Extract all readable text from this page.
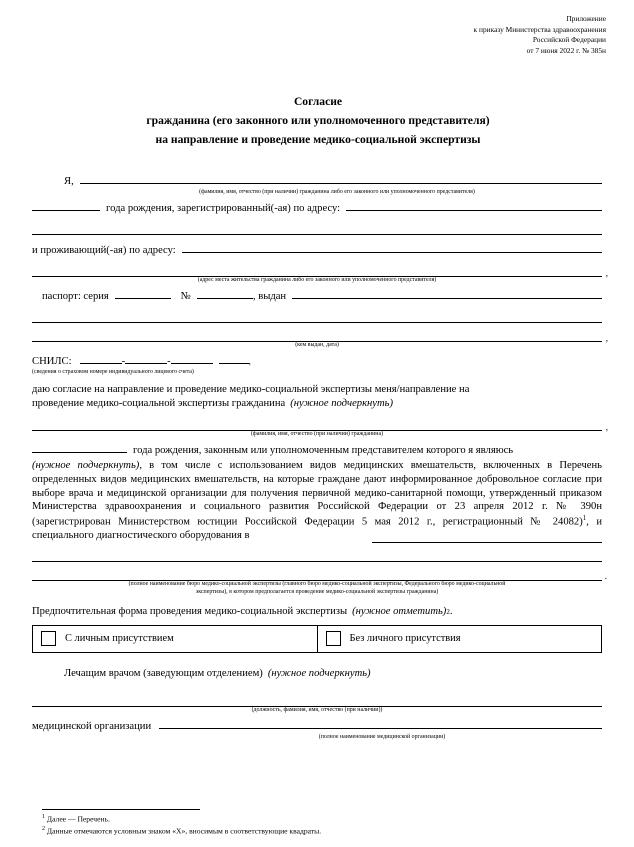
Приложение
к приказу Министерства здравоохранения
Российской Федерации
от 7 июня 2022 г. № 385н
Согласие
гражданина (его законного или уполномоченного представителя)
на направление и проведение медико-социальной экспертизы
Я,
(фамилия, имя, отчество (при наличии) гражданина либо его законного или уполномоченного представителя)
года рождения, зарегистрированный(-ая) по адресу:
и проживающий(-ая) по адресу:
,
(адрес места жительства гражданина либо его законного или уполномоченного представителя)
паспорт: серия	№	, выдан
,
(кем выдан, дата)
СНИЛС:	-	-	,
(сведения о страховом номере индивидуального лицевого счета)
даю согласие на направление и проведение медико-социальной экспертизы меня/направление на
проведение медико-социальной экспертизы гражданина (нужное подчеркнуть)
,
(фамилия, имя, отчество (при наличии) гражданина)
года рождения, законным или уполномоченным представителем которого я являюсь
(нужное подчеркнуть), в том числе с использованием видов медицинских вмешательств, включенных в Перечень определенных видов медицинских вмешательств, на которые граждане дают информированное добровольное согласие при выборе врача и медицинской организации для получения первичной медико-санитарной помощи, утвержденный приказом Министерства здравоохранения и социального развития Российской Федерации от 23 апреля 2012 г. № 390н (зарегистрирован Министерством юстиции Российской Федерации 5 мая 2012 г., регистрационный № 24082)$^1$, и специального диагностического оборудования в
.
(полное наименование бюро медико-социальной экспертизы (главного бюро медико-социальной экспертизы, Федерального бюро медико-социальной
экспертизы), в котором предполагается проведение медико-социальной экспертизы гражданина)
Предпочтительная форма проведения медико-социальной экспертизы (нужное отметить) 2 .
С личным присутствием	Без личного присутствия
Лечащим врачом (заведующим отделением) (нужное подчеркнуть)
(должность, фамилия, имя, отчество (при наличии))
медицинской организации
(полное наименование медицинской организации)
$^1$ Далее — Перечень.
$^2$ Данные отмечаются условным знаком «Х», вносимым в соответствующие квадраты.
